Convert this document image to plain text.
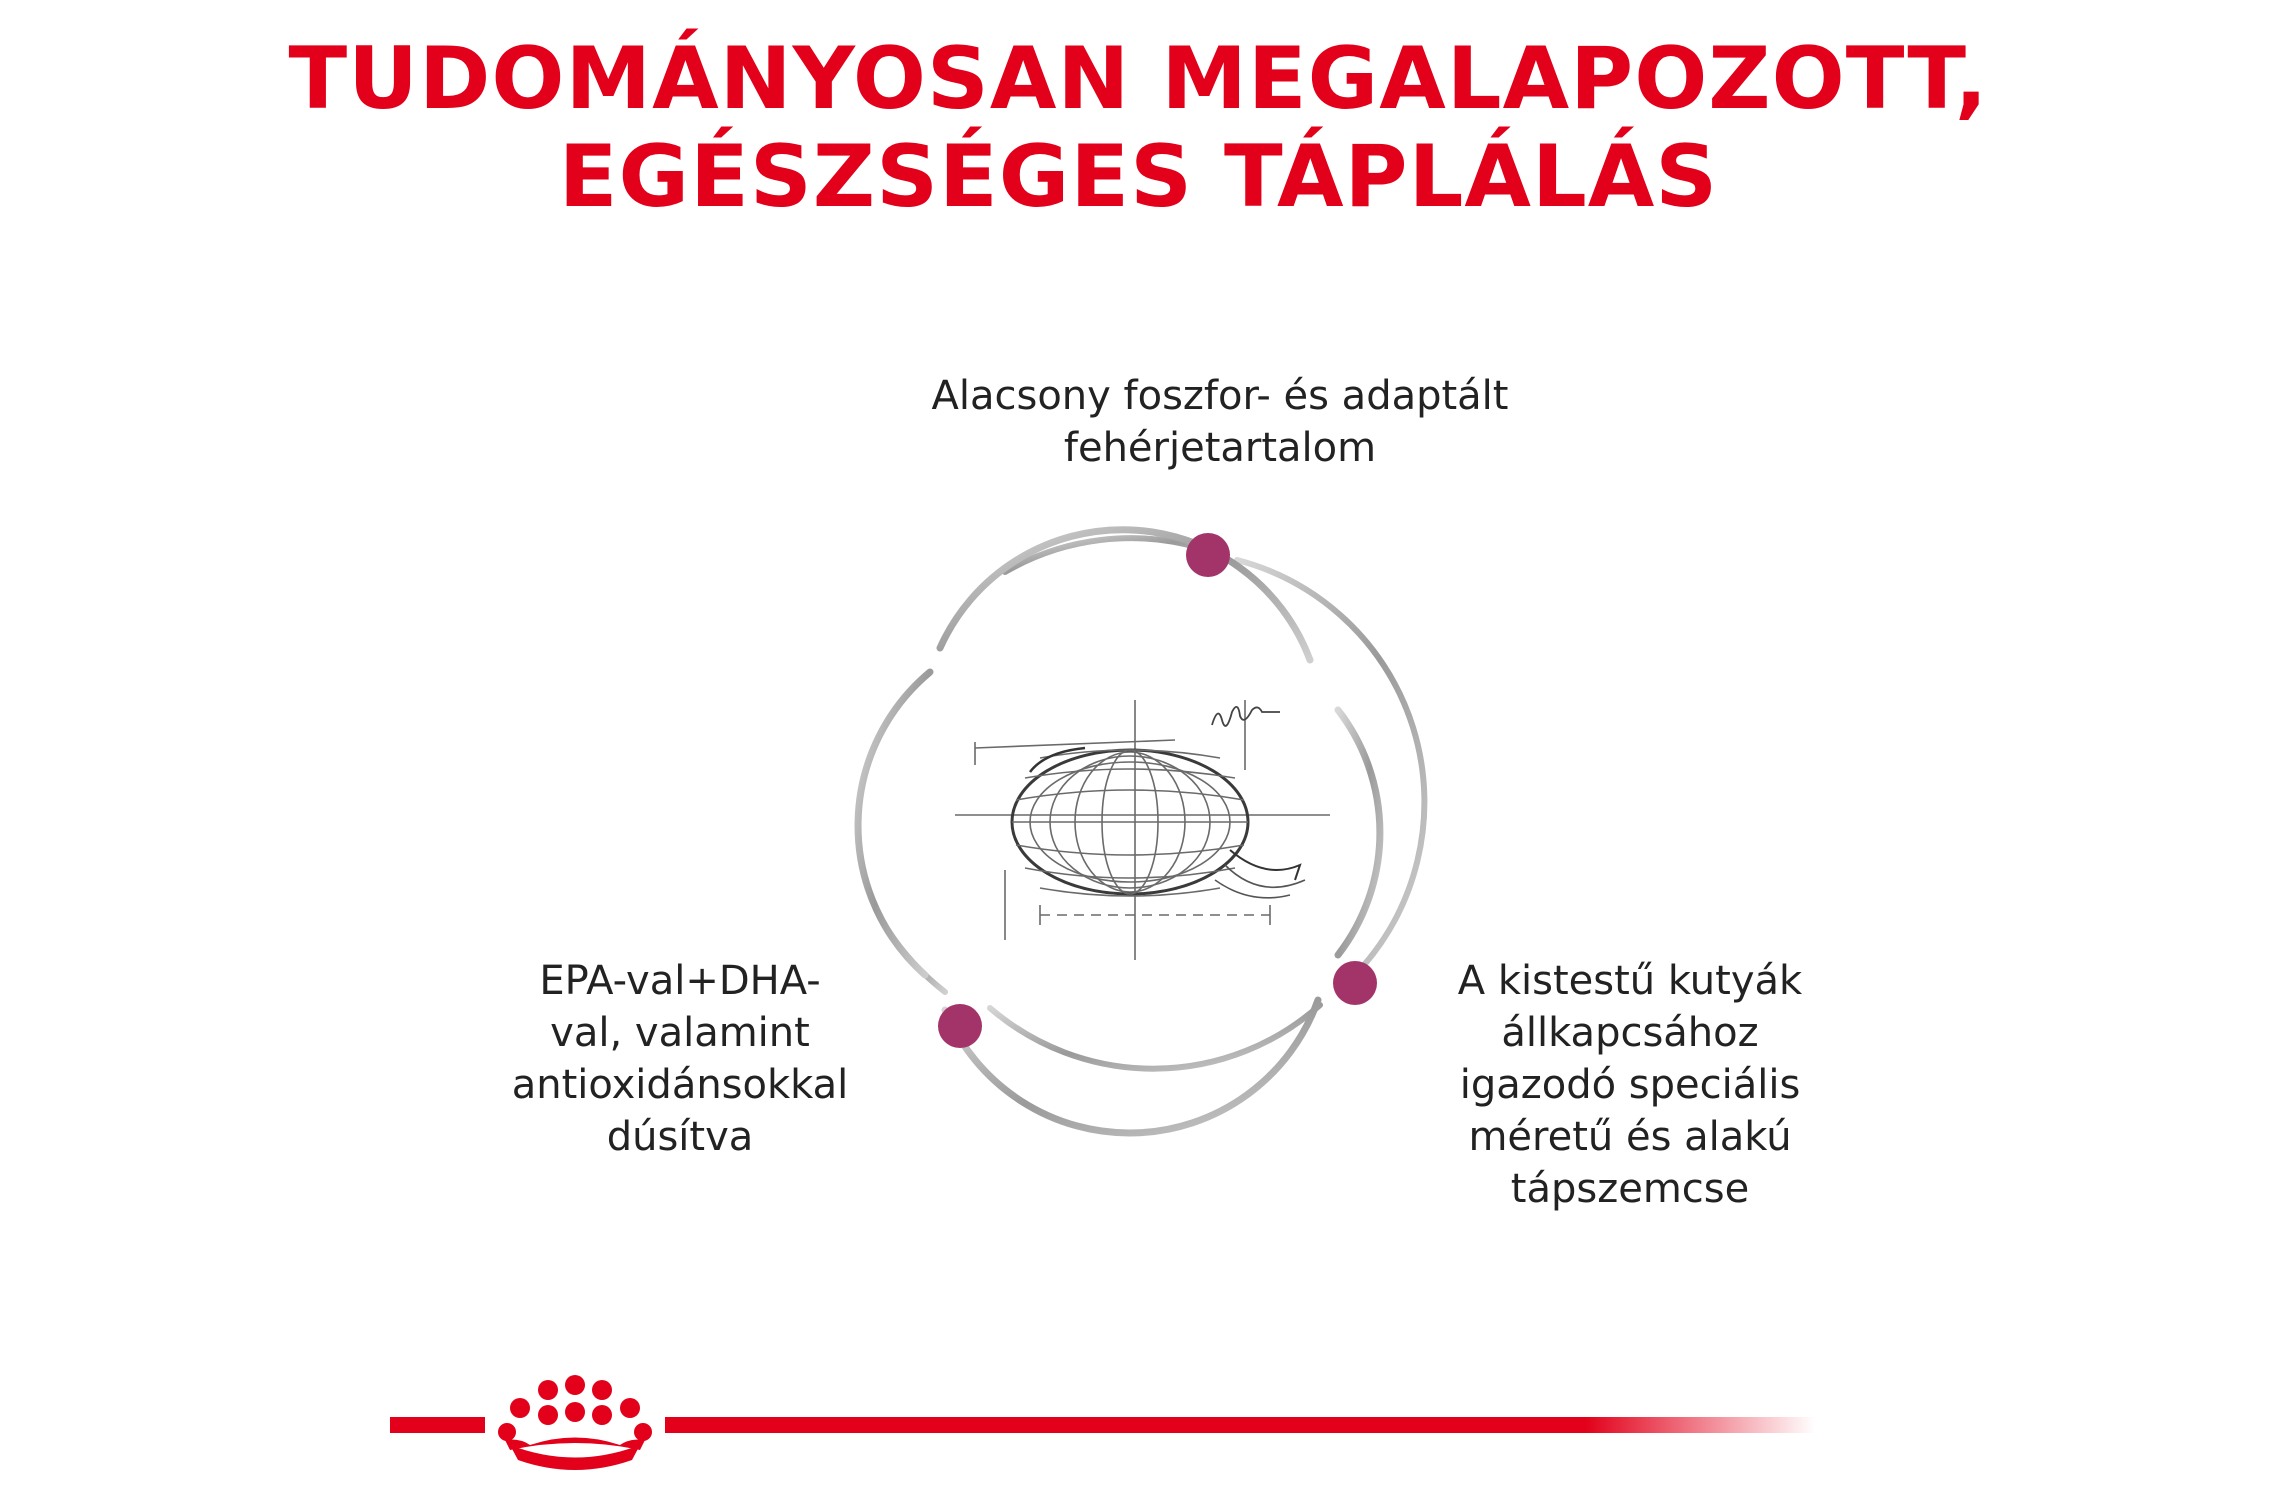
TUDOMÁNYOSAN MEGALAPOZOTT,
EGÉSZSÉGES TÁPLÁLÁS
Alacsony foszfor- és adaptált
fehérjetartalom
EPA-val+DHA-
val, valamint
antioxidánsokkal
dúsítva
A kistestű kutyák
állkapcsához
igazodó speciális
méretű és alakú
tápszemcse
